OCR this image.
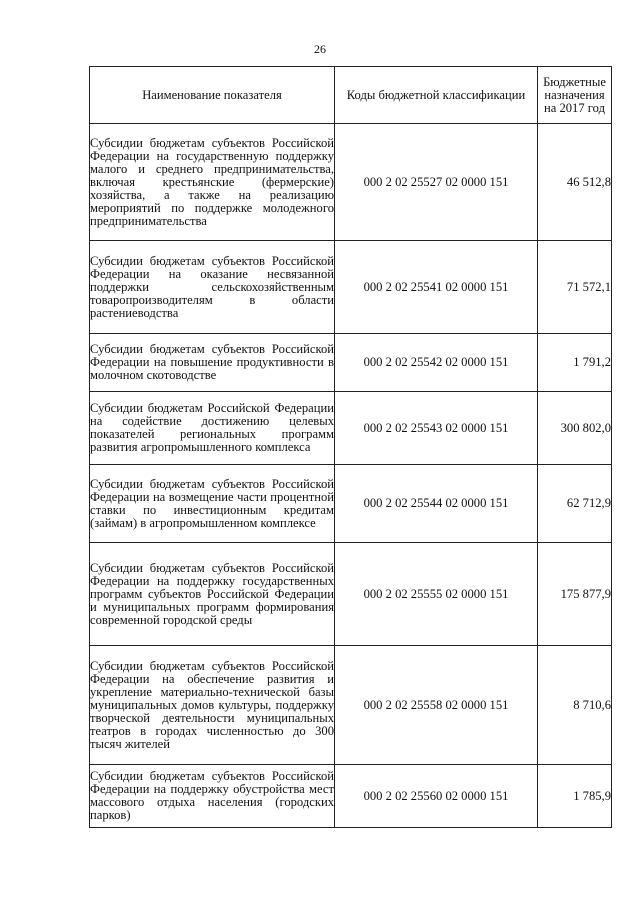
26
Наименование показателя	Коды бюджетной классификации	Бюджетные назначения на 2017 год
Субсидии бюджетам субъектов Российской Федерации на государственную поддержку малого и среднего предпринимательства, включая крестьянские (фермерские) хозяйства, а также на реализацию мероприятий по поддержке молодежного предпринимательства	000 2 02 25527 02 0000 151	46 512,8
Субсидии бюджетам субъектов Российской Федерации на оказание несвязанной поддержки сельскохозяйственным товаропроизводителям в области растениеводства	000 2 02 25541 02 0000 151	71 572,1
Субсидии бюджетам субъектов Российской Федерации на повышение продуктивности в молочном скотоводстве	000 2 02 25542 02 0000 151	1 791,2
Субсидии бюджетам Российской Федерации на содействие достижению целевых показателей региональных программ развития агропромышленного комплекса	000 2 02 25543 02 0000 151	300 802,0
Субсидии бюджетам субъектов Российской Федерации на возмещение части процентной ставки по инвестиционным кредитам (займам) в агропромышленном комплексе	000 2 02 25544 02 0000 151	62 712,9
Субсидии бюджетам субъектов Российской Федерации на поддержку государственных программ субъектов Российской Федерации и муниципальных программ формирования современной городской среды	000 2 02 25555 02 0000 151	175 877,9
Субсидии бюджетам субъектов Российской Федерации на обеспечение развития и укрепление материально-технической базы муниципальных домов культуры, поддержку творческой деятельности муниципальных театров в городах численностью до 300 тысяч жителей	000 2 02 25558 02 0000 151	8 710,6
Субсидии бюджетам субъектов Российской Федерации на поддержку обустройства мест массового отдыха населения (городских парков)	000 2 02 25560 02 0000 151	1 785,9
